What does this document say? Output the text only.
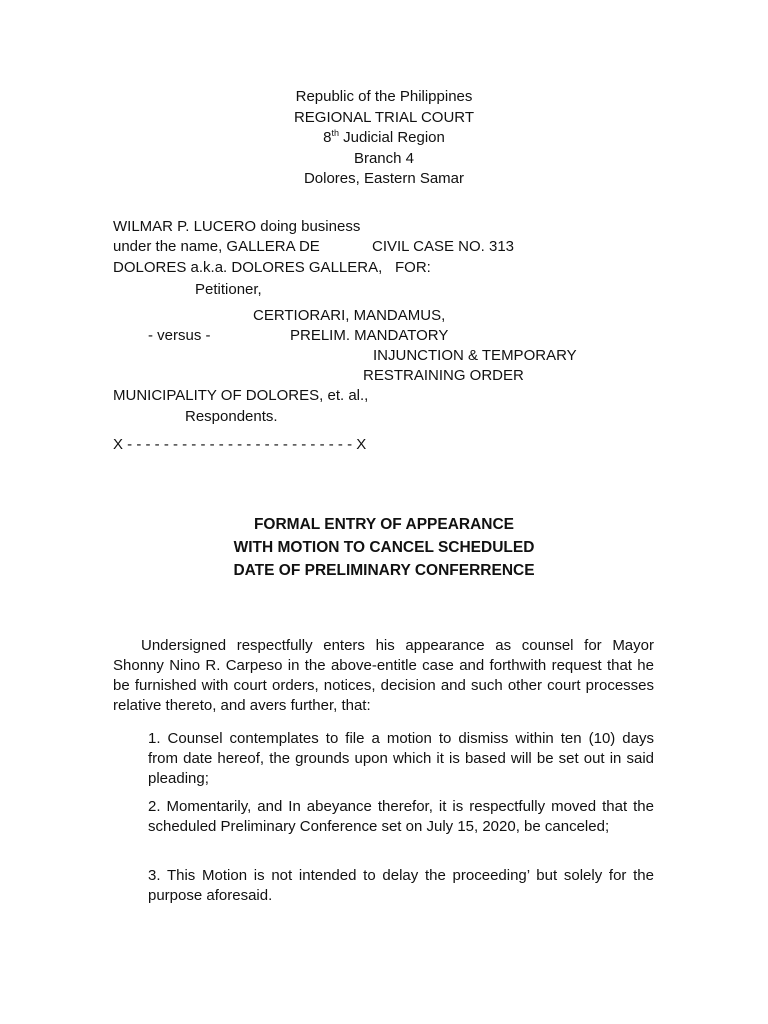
Republic of the Philippines
REGIONAL TRIAL COURT
8th Judicial Region
Branch 4
Dolores, Eastern Samar
WILMAR P. LUCERO doing business
under the name, GALLERA DE	CIVIL CASE NO. 313
DOLORES a.k.a. DOLORES GALLERA, FOR:
Petitioner,
CERTIORARI, MANDAMUS,
- versus -	PRELIM. MANDATORY
INJUNCTION & TEMPORARY
RESTRAINING ORDER
MUNICIPALITY OF DOLORES, et. al.,
Respondents.
X - - - - - - - - - - - - - - - - - - - - - - - - - X
FORMAL ENTRY OF APPEARANCE
WITH MOTION TO CANCEL SCHEDULED
DATE OF PRELIMINARY CONFERRENCE
Undersigned respectfully enters his appearance as counsel for Mayor Shonny Nino R. Carpeso in the above-entitle case and forthwith request that he be furnished with court orders, notices, decision and such other court processes relative thereto, and avers further, that:
1. Counsel contemplates to file a motion to dismiss within ten (10) days from date hereof, the grounds upon which it is based will be set out in said pleading;
2. Momentarily, and In abeyance therefor, it is respectfully moved that the scheduled Preliminary Conference set on July 15, 2020, be canceled;
3. This Motion is not intended to delay the proceeding’ but solely for the purpose aforesaid.
